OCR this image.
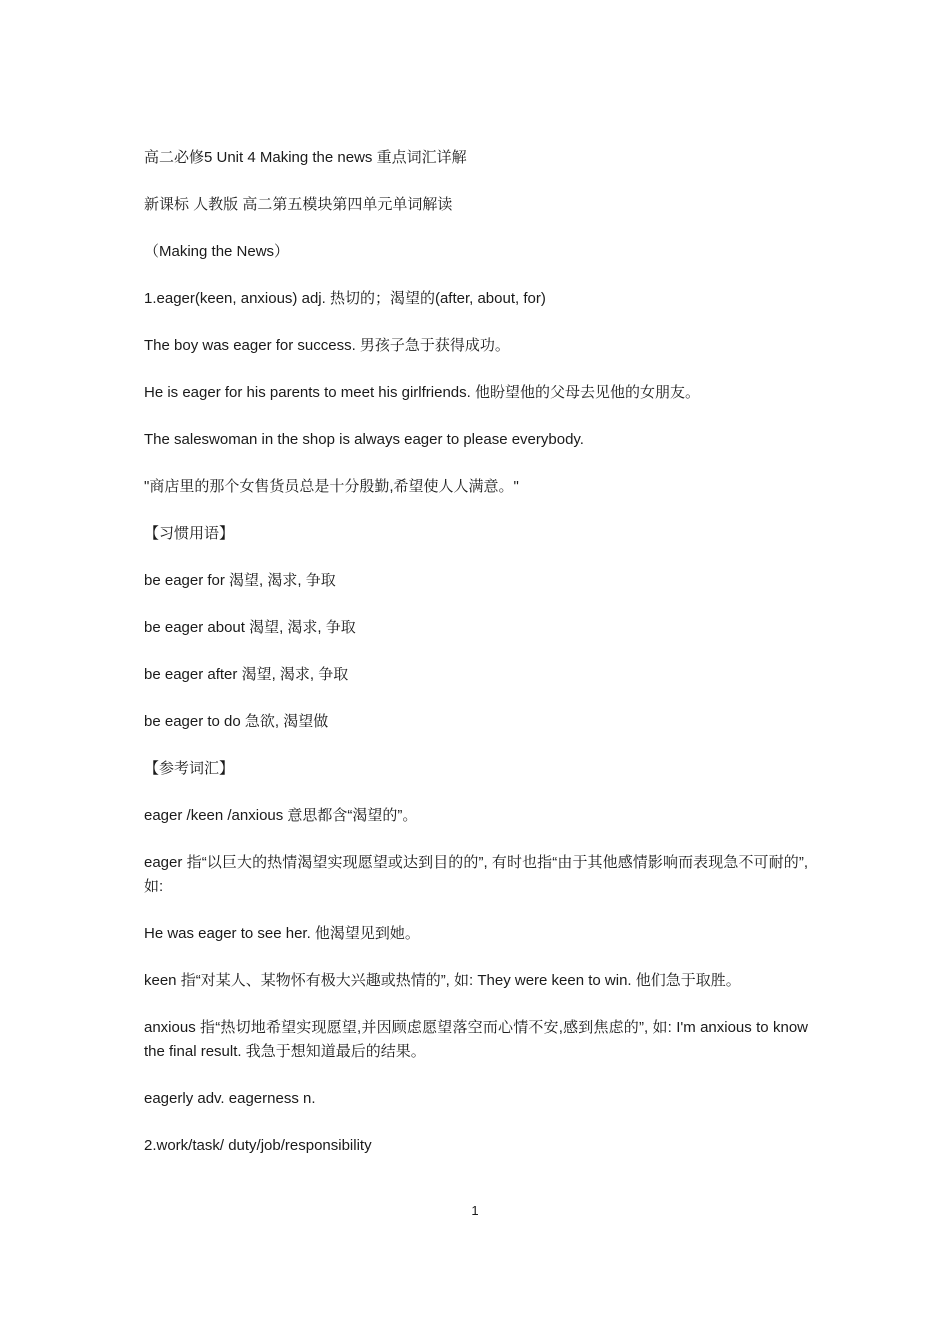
高二必修5 Unit 4 Making the news 重点词汇详解

新课标 人教版 高二第五模块第四单元单词解读

（Making the News）

1.eager(keen, anxious) adj. 热切的；渴望的(after, about, for)

The boy was eager for success. 男孩子急于获得成功。

He is eager for his parents to meet his girlfriends. 他盼望他的父母去见他的女朋友。

The saleswoman in the shop is always eager to please everybody.

"商店里的那个女售货员总是十分殷勤,希望使人人满意。"

【习惯用语】

be eager for 渴望, 渴求, 争取

be eager about 渴望, 渴求, 争取

be eager after 渴望, 渴求, 争取

be eager to do 急欲, 渴望做

【参考词汇】

eager /keen /anxious 意思都含“渴望的”。

eager 指“以巨大的热情渴望实现愿望或达到目的的”, 有时也指“由于其他感情影响而表现急不可耐的”, 如:

He was eager to see her. 他渴望见到她。

keen 指“对某人、某物怀有极大兴趣或热情的”, 如: They were keen to win. 他们急于取胜。

anxious 指“热切地希望实现愿望,并因顾虑愿望落空而心情不安,感到焦虑的”, 如: I'm anxious to know the final result. 我急于想知道最后的结果。

eagerly adv. eagerness n.

2.work/task/ duty/job/responsibility

1
